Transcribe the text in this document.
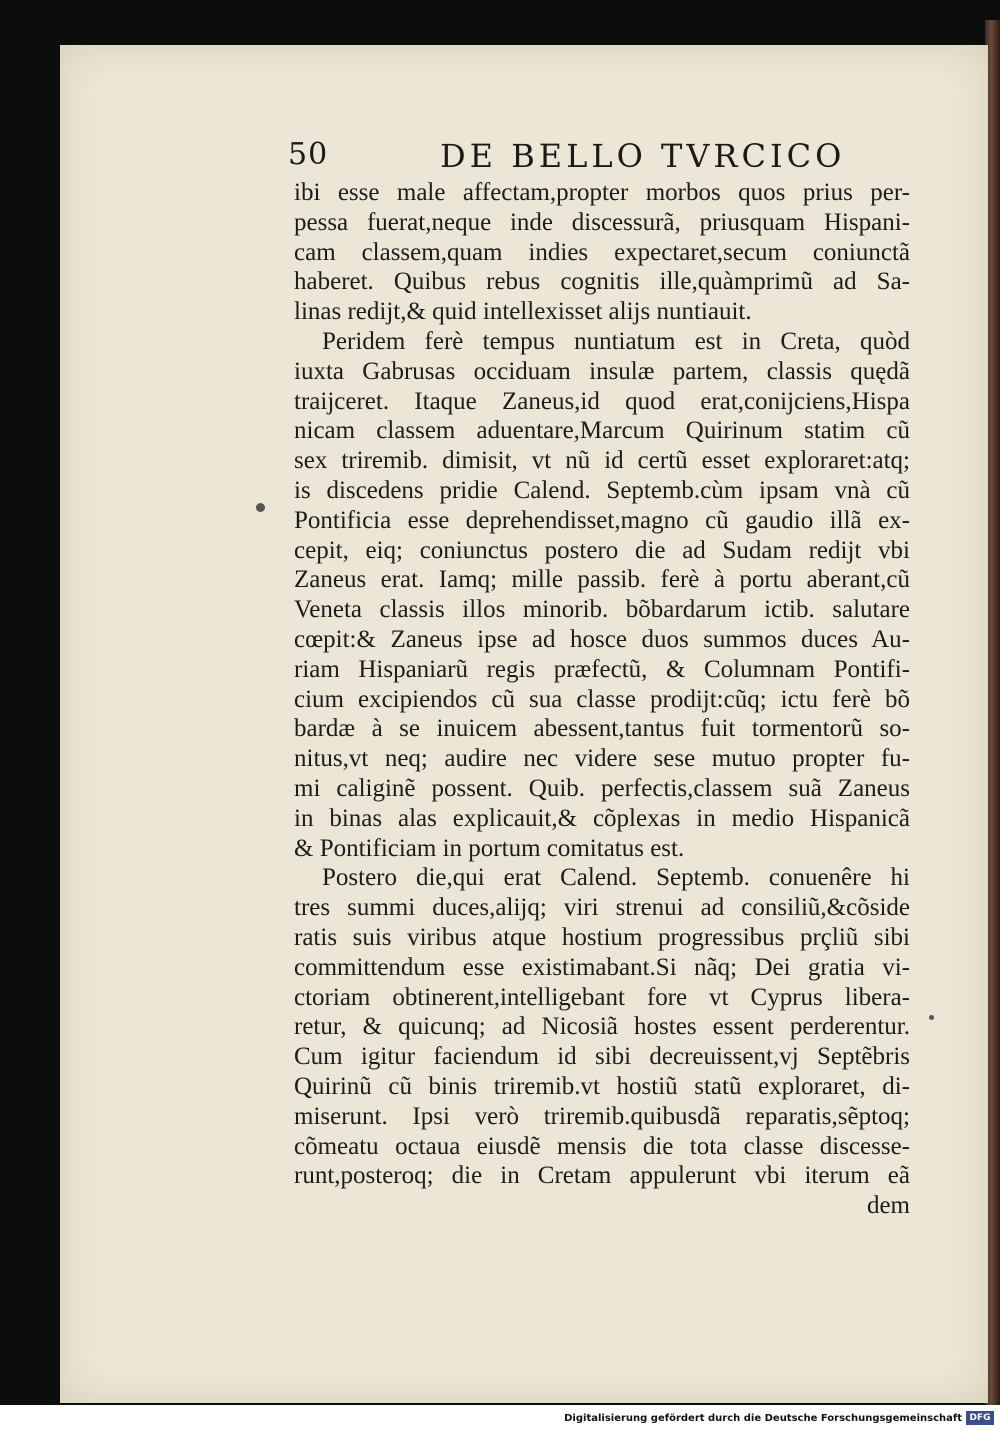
50	DE BELLO TVRCICO
ibi esse male affectam,propter morbos quos prius per-
pessa fuerat,neque inde discessurã, priusquam Hispani-
cam classem,quam indies expectaret,secum coniunctã
haberet. Quibus rebus cognitis ille,quàmprimũ ad Sa-
linas rediјt,& quid intellexisset alijs nuntiauit.
Peridem ferè tempus nuntiatum est in Creta, quòd
iuxta Gabrusas occiduam insulæ partem, classis quędã
traijceret. Itaque Zaneus,id quod erat,conijciens,Hispa
nicam classem aduentare,Marcum Quirinum statim cũ
sex triremib. dimisit, vt nũ id certũ esset exploraret:atq;
is discedens pridie Calend. Septemb.cùm ipsam vnà cũ
Pontificia esse deprehendisset,magno cũ gaudio illã ex-
cepit, eiq; coniunctus postero die ad Sudam redijt vbi
Zaneus erat. Iamq; mille passib. ferè à portu aberant,cũ
Veneta classis illos minorib. bõbardarum ictib. salutare
cœpit:& Zaneus ipse ad hosce duos summos duces Au-
riam Hispaniarũ regis præfectũ, & Columnam Pontifi-
cium excipiendos cũ sua classe prodijt:cũq; ictu ferè bõ
bardæ à se inuicem abessent,tantus fuit tormentorũ so-
nitus,vt neq; audire nec videre sese mutuo propter fu-
mi caliginẽ possent. Quib. perfectis,classem suã Zaneus
in binas alas explicauit,& cõplexas in medio Hispanicã
& Pontificiam in portum comitatus est.
Postero die,qui erat Calend. Septemb. conuenêre hi
tres summi duces,alijq; viri strenui ad consiliũ,&cõside
ratis suis viribus atque hostium progressibus prçliũ sibi
committendum esse existimabant.Si nãq; Dei gratia vi-
ctoriam obtinerent,intelligebant fore vt Cyprus libera-
retur, & quicunq; ad Nicosiã hostes essent perderentur.
Cum igitur faciendum id sibi decreuissent,vj Septẽbris
Quirinũ cũ binis triremib.vt hostiũ statũ exploraret, di-
miserunt. Ipsi verò triremib.quibusdã reparatis,sẽptoq;
cõmeatu octaua eiusdẽ mensis die tota classe discesse-
runt,posteroq; die in Cretam appulerunt vbi iterum eã
dem
Digitalisierung gefördert durch die Deutsche Forschungsgemeinschaft DFG
